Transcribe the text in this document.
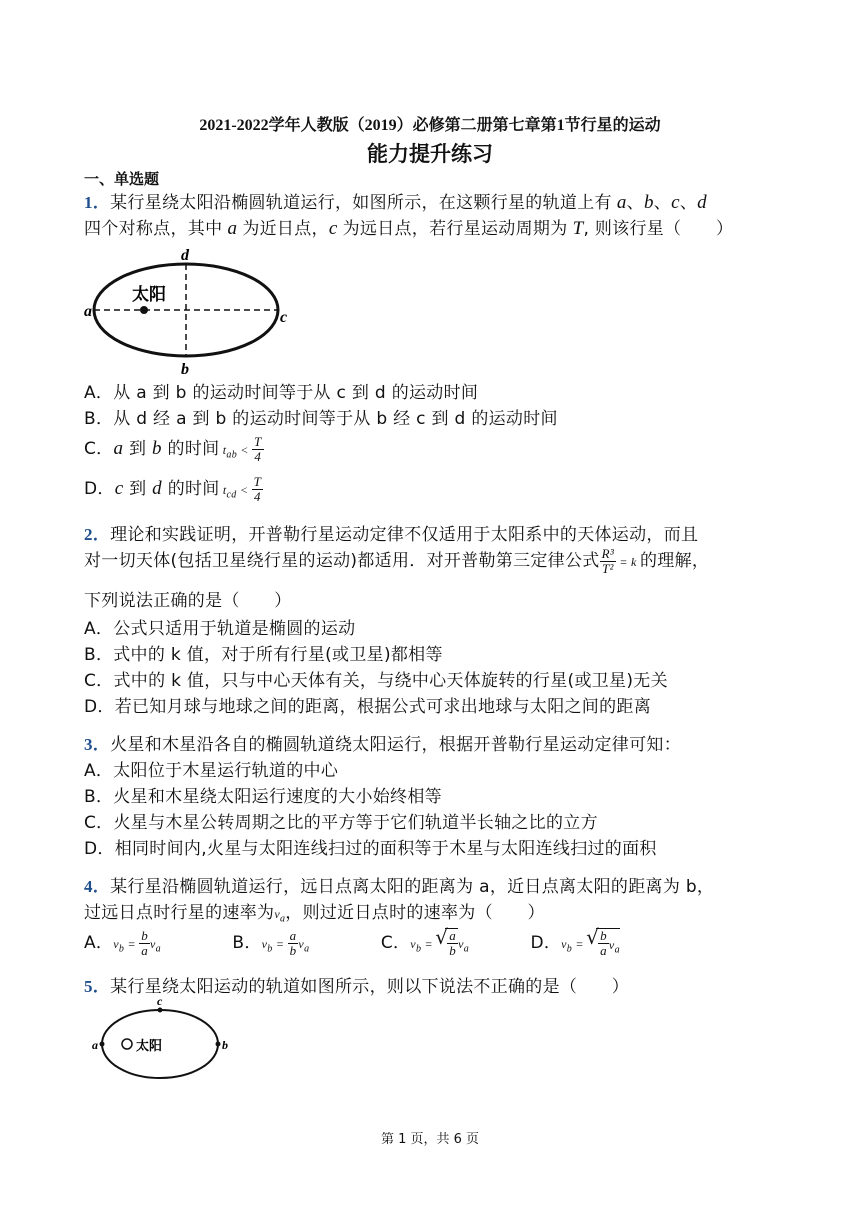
2021-2022学年人教版（2019）必修第二册第七章第1节行星的运动
能力提升练习
一、单选题
1．某行星绕太阳沿椭圆轨道运行，如图所示，在这颗行星的轨道上有 a、b、c、d
四个对称点，其中 a 为近日点，c 为远日点，若行星运动周期为 T, 则该行星（　　）
太阳
a	c
d
b
A．从 a 到 b 的运动时间等于从 c 到 d 的运动时间
B．从 d 经 a 到 b 的运动时间等于从 b 经 c 到 d 的运动时间
C．a 到 b 的时间 $t_{ab} < \frac{T}{4}$
D．c 到 d 的时间 $t_{cd} < \frac{T}{4}$
2．理论和实践证明，开普勒行星运动定律不仅适用于太阳系中的天体运动，而且
对一切天体(包括卫星绕行星的运动)都适用．对开普勒第三定律公式 $\frac{\text{R³}}{\text{T²}} = k$ 的理解，
下列说法正确的是（　　）
A．公式只适用于轨道是椭圆的运动
B．式中的 k 值，对于所有行星(或卫星)都相等
C．式中的 k 值，只与中心天体有关，与绕中心天体旋转的行星(或卫星)无关
D．若已知月球与地球之间的距离，根据公式可求出地球与太阳之间的距离
3．火星和木星沿各自的椭圆轨道绕太阳运行，根据开普勒行星运动定律可知：
A．太阳位于木星运行轨道的中心
B．火星和木星绕太阳运行速度的大小始终相等
C．火星与木星公转周期之比的平方等于它们轨道半长轴之比的立方
D．相同时间内,火星与太阳连线扫过的面积等于木星与太阳连线扫过的面积
4．某行星沿椭圆轨道运行，远日点离太阳的距离为 a，近日点离太阳的距离为 b，
过远日点时行星的速率为$v_a$，则过近日点时的速率为（　　）
A．$v_b = \frac{b}{a} v_a$	B．$v_b = \frac{a}{b} v_a$	C．$v_b$ = √ $\frac{a}{b} v_a$	D．$v_b$ = √ $\frac{b}{a} v_a$
5．某行星绕太阳运动的轨道如图所示，则以下说法不正确的是（　　）
太阳
a	b
c
第 1 页，共 6 页
